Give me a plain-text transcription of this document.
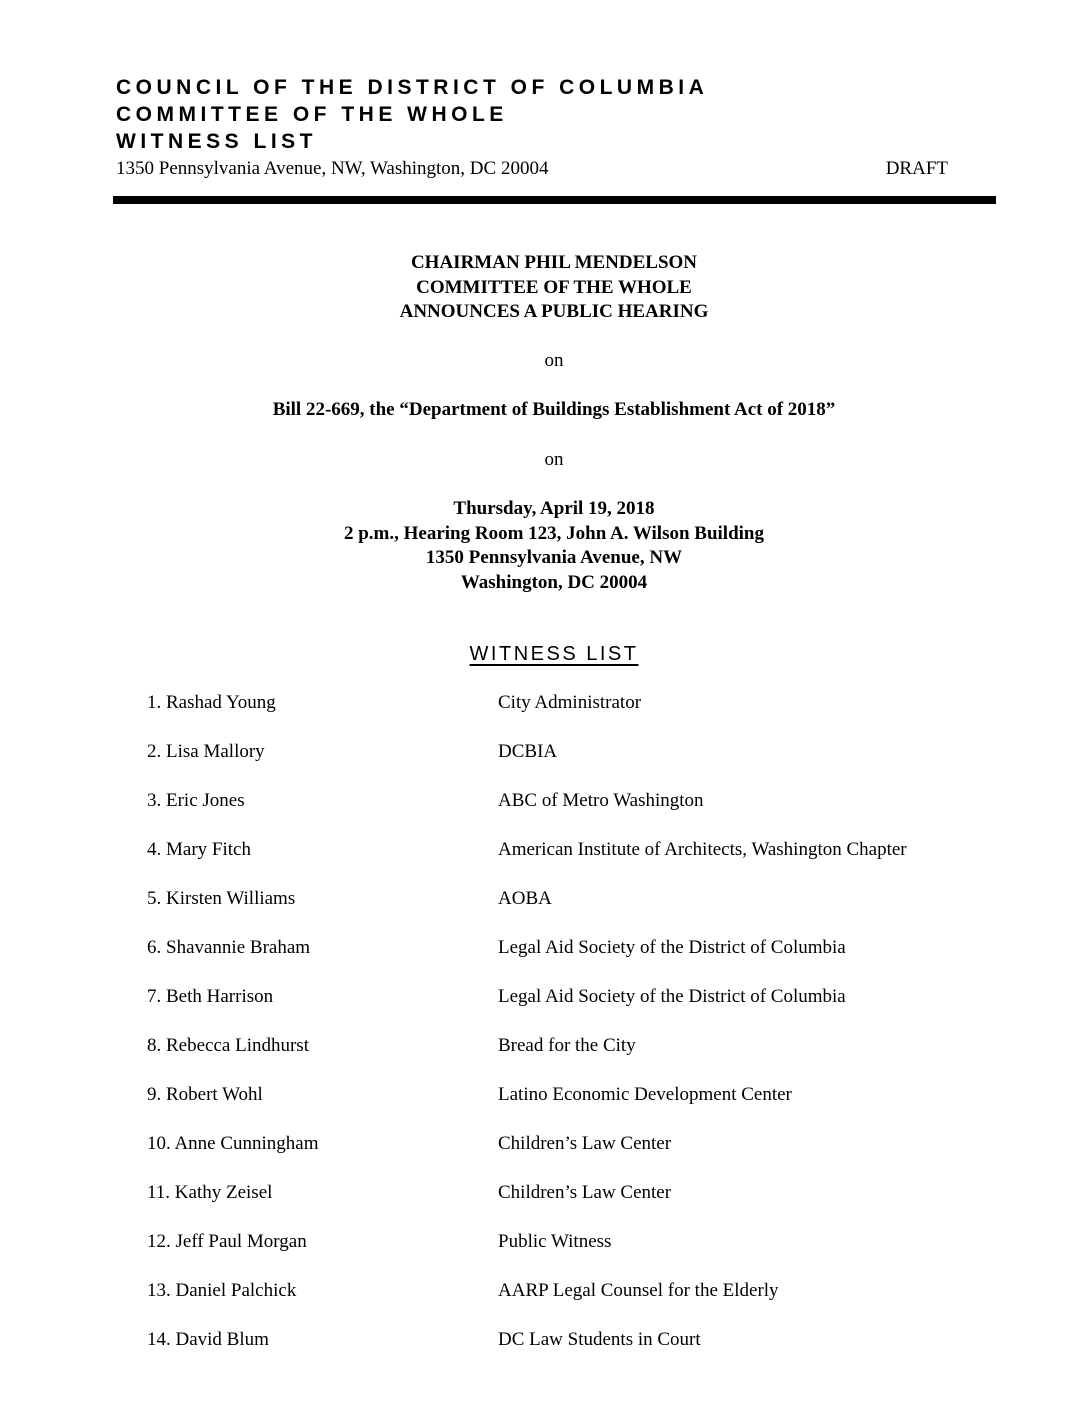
COUNCIL OF THE DISTRICT OF COLUMBIA
COMMITTEE OF THE WHOLE
WITNESS LIST
1350 Pennsylvania Avenue, NW, Washington, DC 20004	DRAFT
CHAIRMAN PHIL MENDELSON
COMMITTEE OF THE WHOLE
ANNOUNCES A PUBLIC HEARING
on
Bill 22-669, the “Department of Buildings Establishment Act of 2018”
on
Thursday, April 19, 2018
2 p.m., Hearing Room 123, John A. Wilson Building
1350 Pennsylvania Avenue, NW
Washington, DC 20004
WITNESS LIST
1. Rashad Young	City Administrator
2. Lisa Mallory	DCBIA
3. Eric Jones	ABC of Metro Washington
4. Mary Fitch	American Institute of Architects, Washington Chapter
5. Kirsten Williams	AOBA
6. Shavannie Braham	Legal Aid Society of the District of Columbia
7. Beth Harrison	Legal Aid Society of the District of Columbia
8. Rebecca Lindhurst	Bread for the City
9. Robert Wohl	Latino Economic Development Center
10. Anne Cunningham	Children’s Law Center
11. Kathy Zeisel	Children’s Law Center
12. Jeff Paul Morgan	Public Witness
13. Daniel Palchick	AARP Legal Counsel for the Elderly
14. David Blum	DC Law Students in Court
